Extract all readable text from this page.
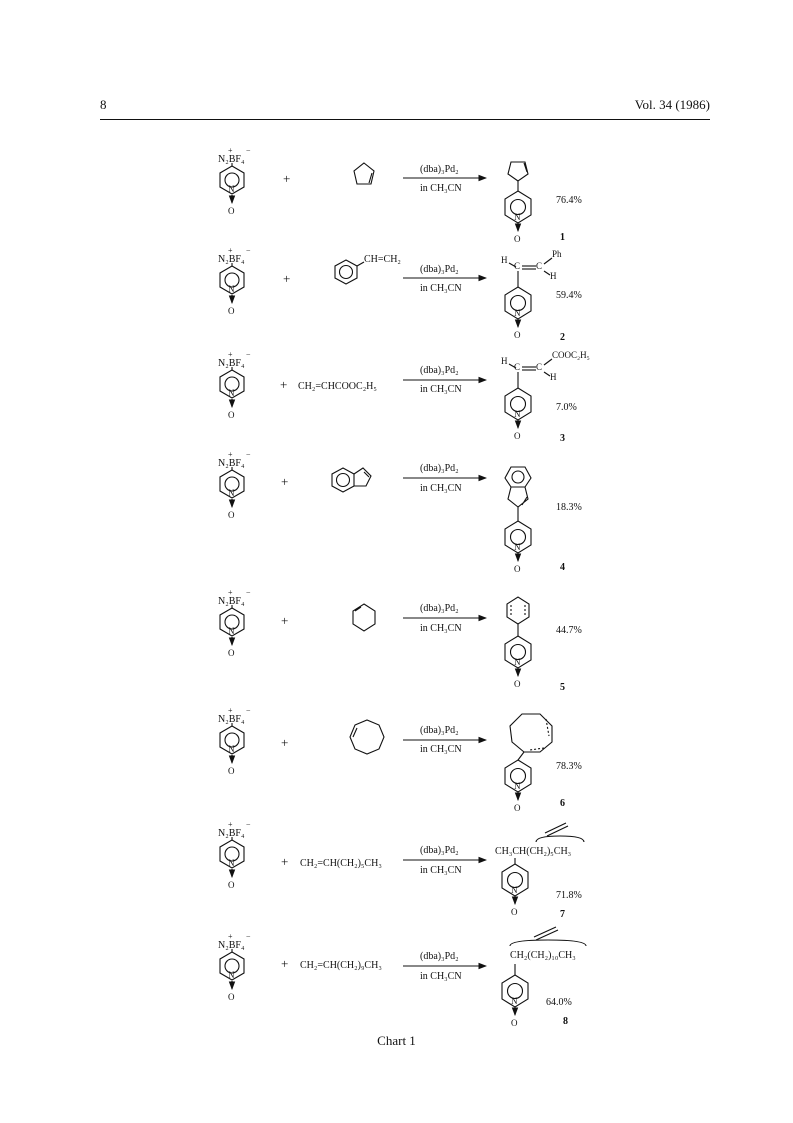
8	Vol. 34 (1986)
N₂BF₄
+ −
N
O
+
(dba)₃Pd₂
in CH₃CN
N
O
76.4%
1
N₂BF₄
+ −
N
O
+
CH=CH₂
(dba)₃Pd₂
in CH₃CN
N
O
H
C C
Ph
H
59.4%
2
N₂BF₄
+ −
N
O
+ CH₂=CHCOOC₂H₅
(dba)₃Pd₂
in CH₃CN
N
O
H
C C
COOC₂H₅
H
7.0%
3
N₂BF₄
+ −
N
O
+
(dba)₃Pd₂
in CH₃CN
N
O
18.3%
4
N₂BF₄
+ −
N
O
+
(dba)₃Pd₂
in CH₃CN
N
O
44.7%
5
N₂BF₄
+ −
N
O
+
(dba)₃Pd₂
in CH₃CN
N
O
78.3%
6
N₂BF₄
+ −
N
O
+ CH₂=CH(CH₂)₅CH₃
(dba)₃Pd₂
in CH₃CN
CH₃CH(CH₂)₅CH₃
N
O
71.8%
7
N₂BF₄
+ −
N
O
+ CH₂=CH(CH₂)₉CH₃
(dba)₃Pd₂
in CH₃CN
CH₂(CH₂)₁₀CH₃
N
O
64.0%
8
Chart 1
